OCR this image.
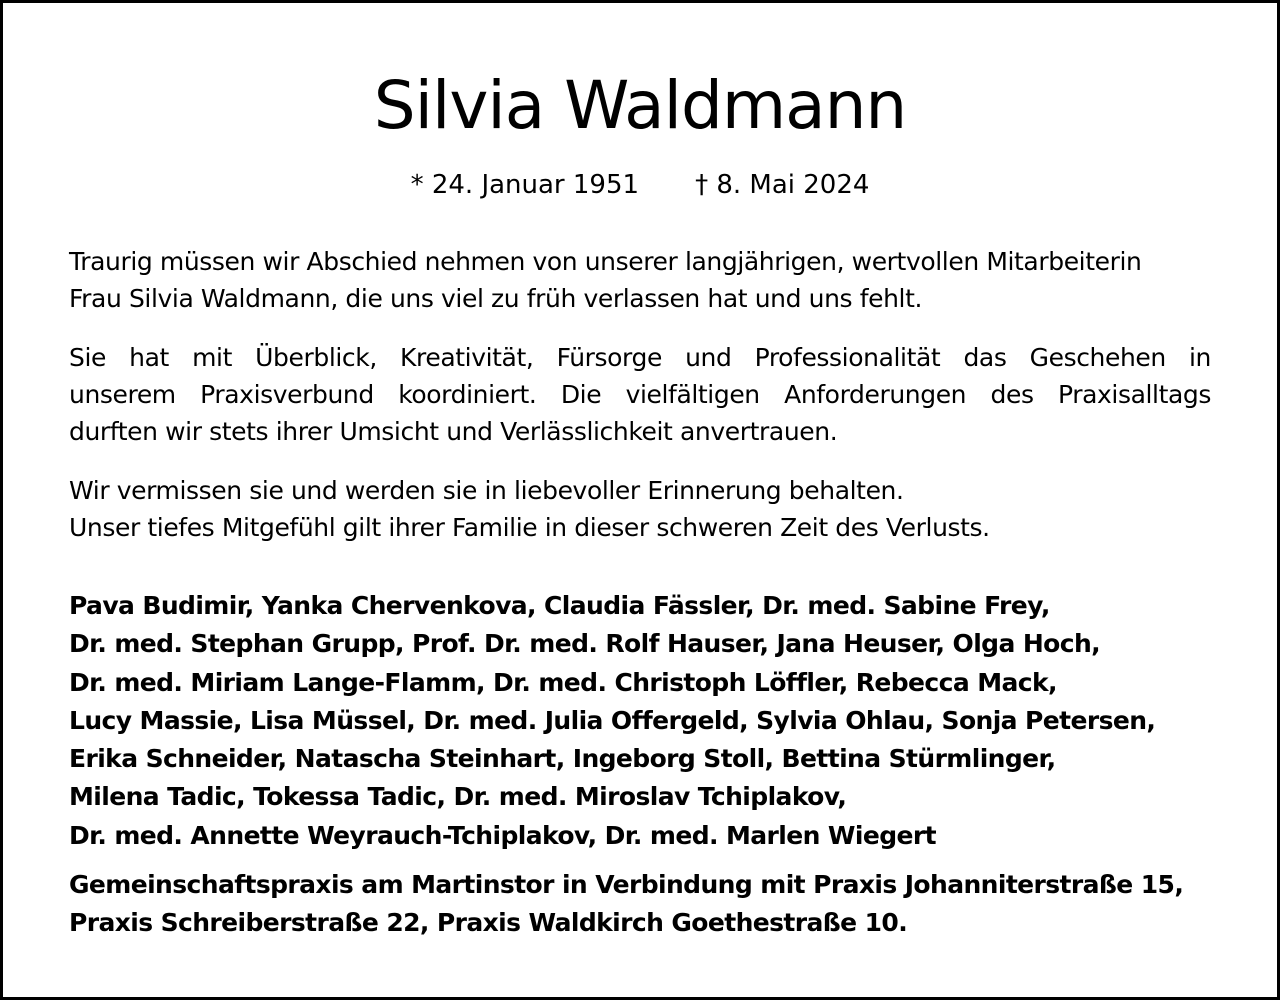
Silvia Waldmann
* 24. Januar 1951 † 8. Mai 2024
Traurig müssen wir Abschied nehmen von unserer langjährigen, wertvollen Mitarbeiterin
Frau Silvia Waldmann, die uns viel zu früh verlassen hat und uns fehlt.
Sie hat mit Überblick, Kreativität, Fürsorge und Professionalität das Geschehen in
unserem Praxisverbund koordiniert. Die vielfältigen Anforderungen des Praxisalltags
durften wir stets ihrer Umsicht und Verlässlichkeit anvertrauen.
Wir vermissen sie und werden sie in liebevoller Erinnerung behalten.
Unser tiefes Mitgefühl gilt ihrer Familie in dieser schweren Zeit des Verlusts.
Pava Budimir, Yanka Chervenkova, Claudia Fässler, Dr. med. Sabine Frey,
Dr. med. Stephan Grupp, Prof. Dr. med. Rolf Hauser, Jana Heuser, Olga Hoch,
Dr. med. Miriam Lange-Flamm, Dr. med. Christoph Löffler, Rebecca Mack,
Lucy Massie, Lisa Müssel, Dr. med. Julia Offergeld, Sylvia Ohlau, Sonja Petersen,
Erika Schneider, Natascha Steinhart, Ingeborg Stoll, Bettina Stürmlinger,
Milena Tadic, Tokessa Tadic, Dr. med. Miroslav Tchiplakov,
Dr. med. Annette Weyrauch-Tchiplakov, Dr. med. Marlen Wiegert
Gemeinschaftspraxis am Martinstor in Verbindung mit Praxis Johanniterstraße 15,
Praxis Schreiberstraße 22, Praxis Waldkirch Goethestraße 10.
